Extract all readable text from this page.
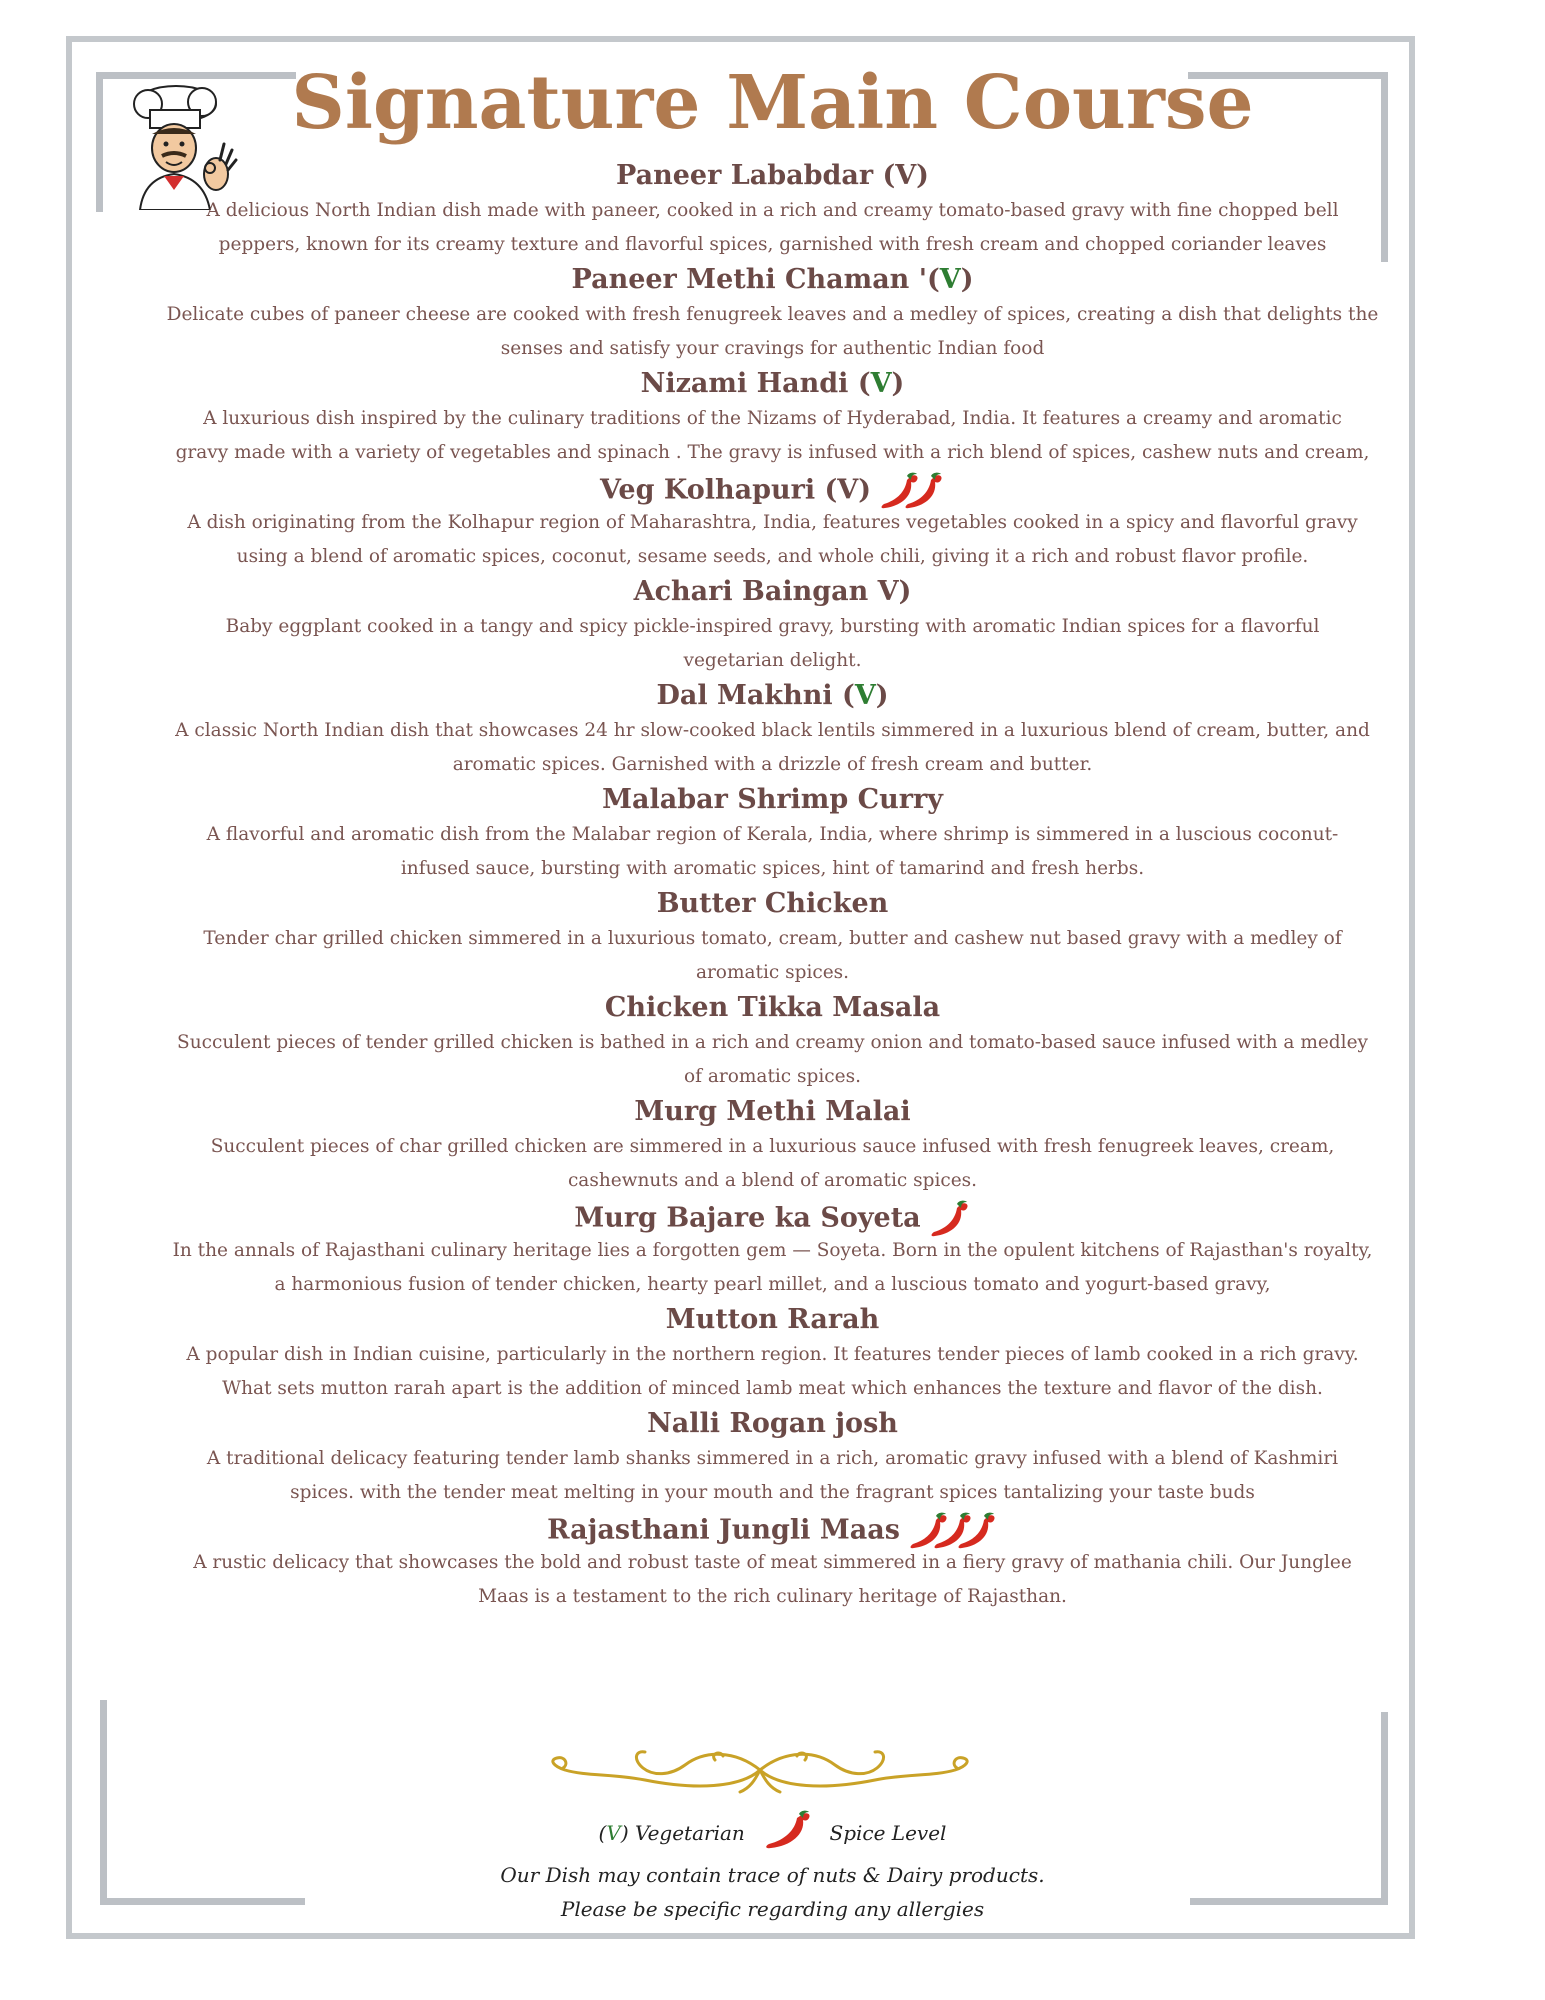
Signature Main Course
Paneer Lababdar (V)
A delicious North Indian dish made with paneer, cooked in a rich and creamy tomato-based gravy with fine chopped bell
peppers, known for its creamy texture and flavorful spices, garnished with fresh cream and chopped coriander leaves
Paneer Methi Chaman '(V)
Delicate cubes of paneer cheese are cooked with fresh fenugreek leaves and a medley of spices, creating a dish that delights the
senses and satisfy your cravings for authentic Indian food
Nizami Handi (V)
A luxurious dish inspired by the culinary traditions of the Nizams of Hyderabad, India. It features a creamy and aromatic
gravy made with a variety of vegetables and spinach . The gravy is infused with a rich blend of spices, cashew nuts and cream,
Veg Kolhapuri (V)
A dish originating from the Kolhapur region of Maharashtra, India, features vegetables cooked in a spicy and flavorful gravy
using a blend of aromatic spices, coconut, sesame seeds, and whole chili, giving it a rich and robust flavor profile.
Achari Baingan V)
Baby eggplant cooked in a tangy and spicy pickle-inspired gravy, bursting with aromatic Indian spices for a flavorful
vegetarian delight.
Dal Makhni (V)
A classic North Indian dish that showcases 24 hr slow-cooked black lentils simmered in a luxurious blend of cream, butter, and
aromatic spices. Garnished with a drizzle of fresh cream and butter.
Malabar Shrimp Curry
A flavorful and aromatic dish from the Malabar region of Kerala, India, where shrimp is simmered in a luscious coconut-
infused sauce, bursting with aromatic spices, hint of tamarind and fresh herbs.
Butter Chicken
Tender char grilled chicken simmered in a luxurious tomato, cream, butter and cashew nut based gravy with a medley of
aromatic spices.
Chicken Tikka Masala
Succulent pieces of tender grilled chicken is bathed in a rich and creamy onion and tomato-based sauce infused with a medley
of aromatic spices.
Murg Methi Malai
Succulent pieces of char grilled chicken are simmered in a luxurious sauce infused with fresh fenugreek leaves, cream,
cashewnuts and a blend of aromatic spices.
Murg Bajare ka Soyeta
In the annals of Rajasthani culinary heritage lies a forgotten gem — Soyeta. Born in the opulent kitchens of Rajasthan's royalty,
a harmonious fusion of tender chicken, hearty pearl millet, and a luscious tomato and yogurt-based gravy,
Mutton Rarah
A popular dish in Indian cuisine, particularly in the northern region. It features tender pieces of lamb cooked in a rich gravy.
What sets mutton rarah apart is the addition of minced lamb meat which enhances the texture and flavor of the dish.
Nalli Rogan josh
A traditional delicacy featuring tender lamb shanks simmered in a rich, aromatic gravy infused with a blend of Kashmiri
spices. with the tender meat melting in your mouth and the fragrant spices tantalizing your taste buds
Rajasthani Jungli Maas
A rustic delicacy that showcases the bold and robust taste of meat simmered in a fiery gravy of mathania chili. Our Junglee
Maas is a testament to the rich culinary heritage of Rajasthan.
(V) Vegetarian	Spice Level
Our Dish may contain trace of nuts & Dairy products.
Please be specific regarding any allergies
